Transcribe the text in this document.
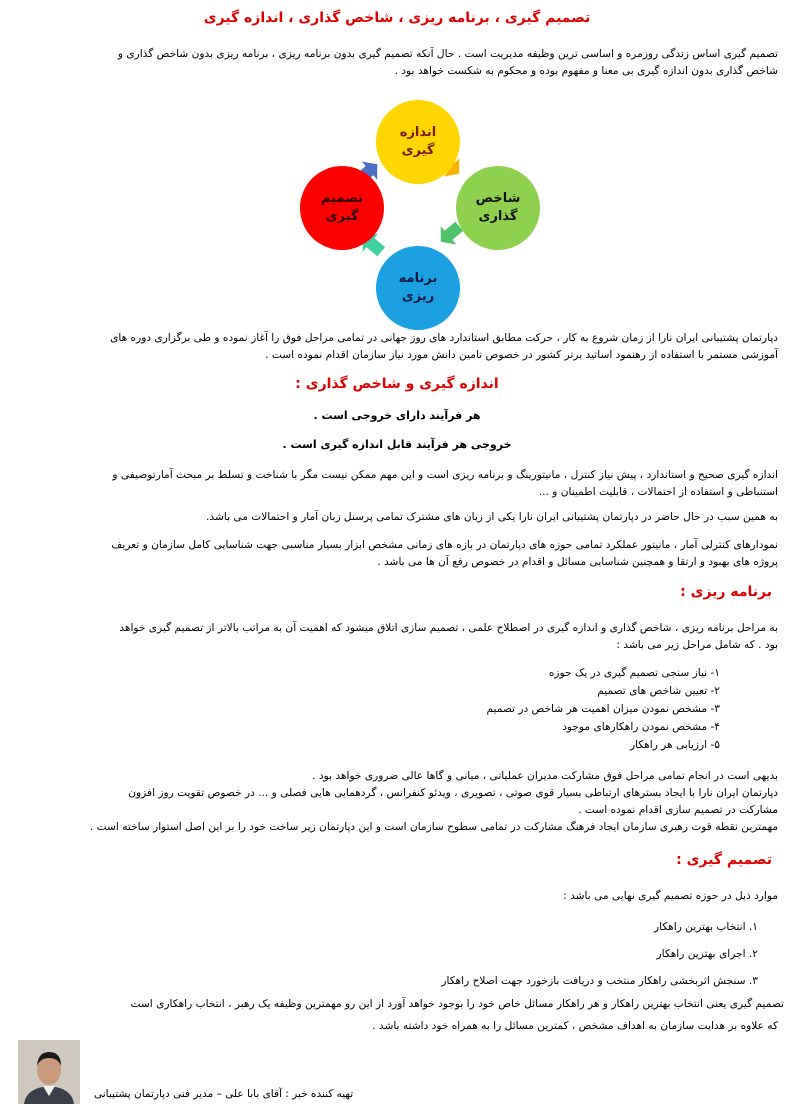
تصمیم گیری ، برنامه ریزی ، شاخص گذاری ، اندازه گیری
تصمیم گیری اساس زندگی روزمره و اساسی ترین وظیفه مدیریت است . حال آنکه تصمیم گیری بدون برنامه ریزی ، برنامه ریزی بدون شاخص گذاری و
شاخص گذاری بدون اندازه گیری بی معنا و مفهوم بوده و محکوم به شکست خواهد بود .
اندازه
گیری
شاخص
گذاری
برنامه
ریزی
تصمیم
گیری
دپارتمان پشتیبانی ایران نارا از زمان شروع به کار ، حرکت مطابق استاندارد های روز جهانی در تمامی مراحل فوق را آغاز نموده و طی برگزاری دوره های
آموزشی مستمر با استفاده از رهنمود اساتید برتر کشور در خصوص تامین دانش مورد نیاز سازمان اقدام نموده است .
اندازه گیری و شاخص گذاری :
هر فرآیند دارای خروجی است .
خروجی هر فرآیند قابل اندازه گیری است .
اندازه گیری صحیح و استاندارد ، پیش نیاز کنترل ، مانیتورینگ و برنامه ریزی است و این مهم ممکن نیست مگر با شناخت و تسلط بر مبحث آمارتوصیفی و
استنباطی و استفاده از احتمالات ، قابلیت اطمینان و ...
به همین سبب در حال حاضر در دپارتمان پشتیبانی ایران نارا یکی از زبان های مشترک تمامی پرسنل زبان آمار و احتمالات می باشد.
نمودارهای کنترلی آمار ، مانیتور عملکرد تمامی حوزه های دپارتمان در بازه های زمانی مشخص ابزار بسیار مناسبی جهت شناسایی کامل سازمان و تعریف
پروژه های بهبود و ارتقا و همچنین شناسایی مسائل و اقدام در خصوص رفع آن ها می باشد .
برنامه ریزی :
به مراحل برنامه ریزی ، شاخص گذاری و اندازه گیری در اصطلاح علمی ، تصمیم سازی اتلاق میشود که اهمیت آن به مراتب بالاتر از تصمیم گیری خواهد
بود . که شامل مراحل زیر می باشد :
۱- نیاز سنجی تصمیم گیری در یک حوزه
۲- تعیین شاخص های تصمیم
۳- مشخص نمودن میزان اهمیت هر شاخص در تصمیم
۴- مشخص نمودن راهکارهای موجود
۵- ارزیابی هر راهکار
بدیهی است در انجام تمامی مراحل فوق مشارکت مدیران عملیاتی ، میانی و گاها عالی ضروری خواهد بود .
دپارتمان ایران نارا با ایجاد بسترهای ارتباطی بسیار قوی صوتی ، تصویری ، ویدئو کنفرانس ، گردهمایی هایی فصلی و ... در خصوص تقویت روز افزون
مشارکت در تصمیم سازی اقدام نموده است .
مهمترین نقطه قوت رهبری سازمان ایجاد فرهنگ مشارکت در تمامی سطوح سازمان است و این دپارتمان زیر ساخت خود را بر این اصل استوار ساخته است .
تصمیم گیری :
موارد ذیل در حوزه تصمیم گیری نهایی می باشد :
۱. انتخاب بهترین راهکار
۲. اجرای بهترین راهکار
۳. سنجش اثربخشی راهکار منتخب و دریافت بازخورد جهت اصلاح راهکار
تصمیم گیری یعنی انتخاب بهترین راهکار و هر راهکار مسائل خاص خود را بوجود خواهد آورد از این رو مهمترین وظیفه یک رهبر ، انتخاب راهکاری است
که علاوه بر هدایت سازمان به اهداف مشخص ، کمترین مسائل را به همراه خود داشته باشد .
تهیه کننده خبر : آقای بابا علی – مدیر فنی دپارتمان پشتیبانی
